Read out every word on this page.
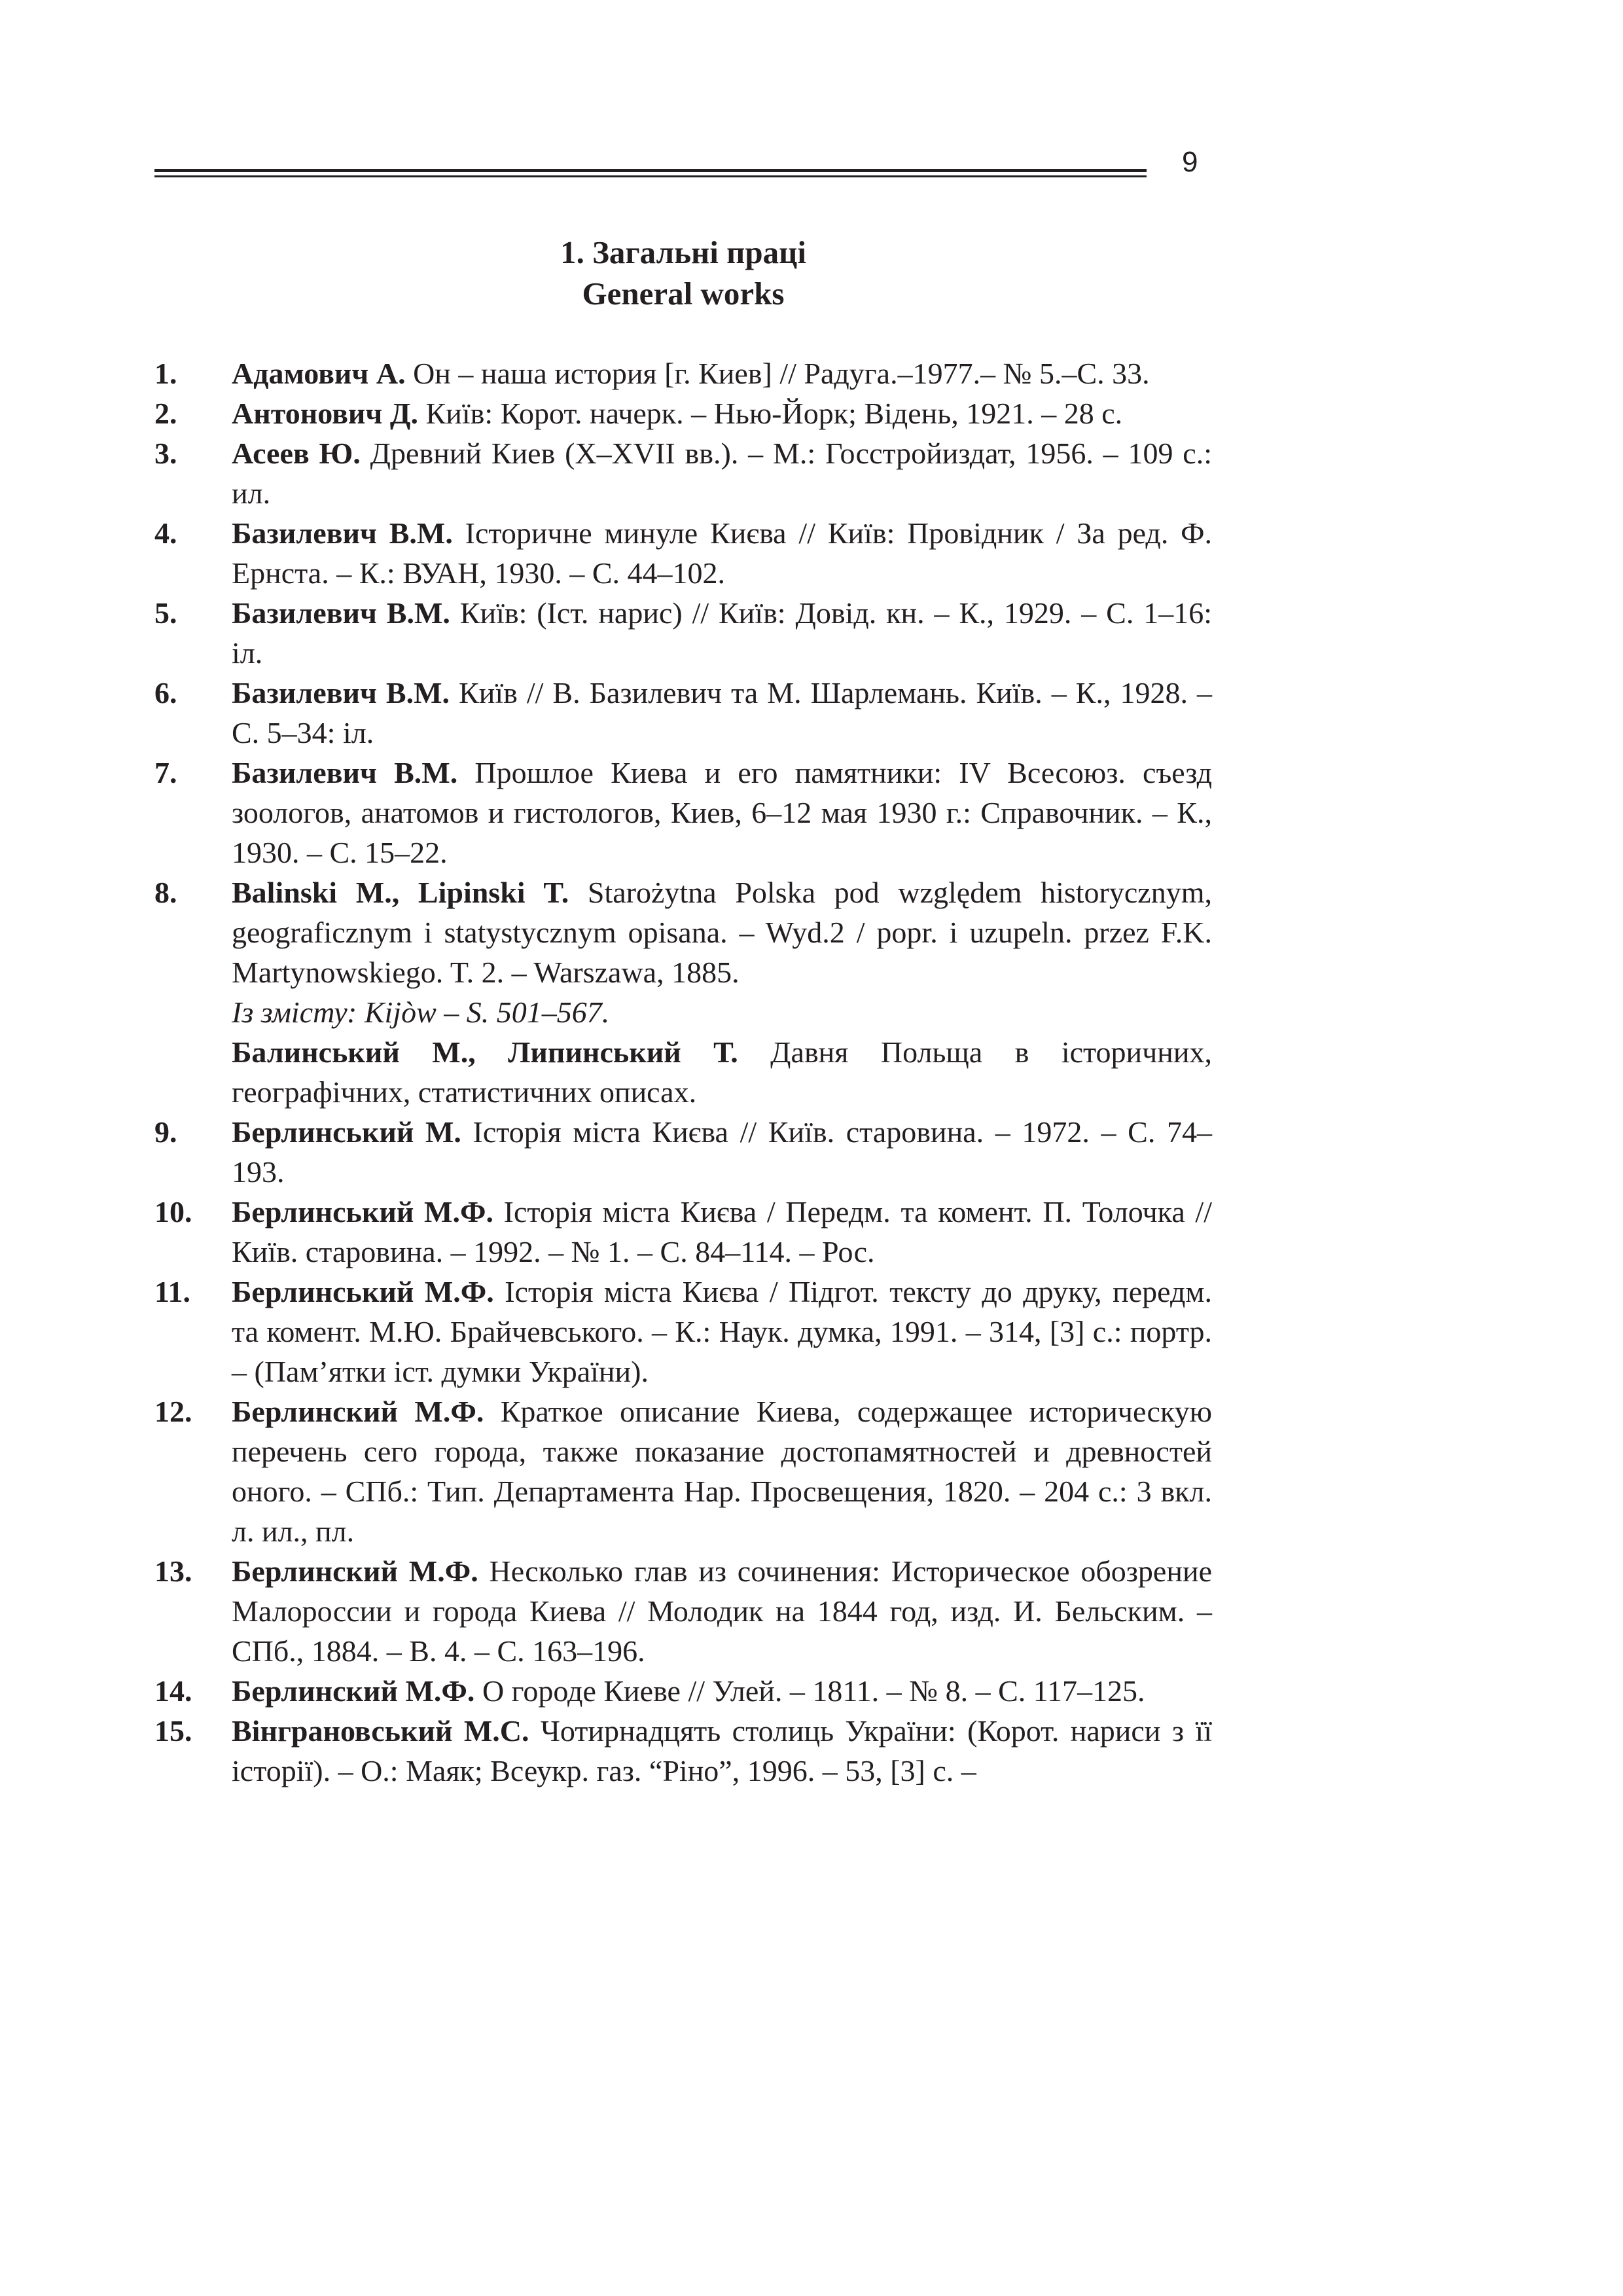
9
1. Загальні праці
General works
1. Адамович А. Он – наша история [г. Киев] // Радуга.–1977.– № 5.–С. 33.
2. Антонович Д. Київ: Корот. начерк. – Нью-Йорк; Відень, 1921. – 28 с.
3. Асеев Ю. Древний Киев (X–XVII вв.). – М.: Госстройиздат, 1956. – 109 с.: ил.
4. Базилевич В.М. Історичне минуле Києва // Київ: Провідник / За ред. Ф. Ернста. – К.: ВУАН, 1930. – С. 44–102.
5. Базилевич В.М. Київ: (Іст. нарис) // Київ: Довід. кн. – К., 1929. – С. 1–16: іл.
6. Базилевич В.М. Київ // В. Базилевич та М. Шарлемань. Київ. – К., 1928. – С. 5–34: іл.
7. Базилевич В.М. Прошлое Киева и его памятники: IV Всесоюз. съезд зоологов, анатомов и гистологов, Киев, 6–12 мая 1930 г.: Справочник. – К., 1930. – С. 15–22.
8. Balinski M., Lipinski T. Starożytna Polska pod względem historycznym, geograficznym i statystycznym opisana. – Wyd.2 / popr. i uzupeln. przez F.K. Martynowskiego. T. 2. – Warszawa, 1885.
Із змісту: Kijòw – S. 501–567.
Балинський М., Липинський Т. Давня Польща в історичних, географічних, статистичних описах.
9. Берлинський М. Історія міста Києва // Київ. старовина. – 1972. – С. 74–193.
10. Берлинський М.Ф. Історія міста Києва / Передм. та комент. П. Толочка // Київ. старовина. – 1992. – № 1. – С. 84–114. – Рос.
11. Берлинський М.Ф. Історія міста Києва / Підгот. тексту до друку, передм. та комент. М.Ю. Брайчевського. – К.: Наук. думка, 1991. – 314, [3] с.: портр. – (Пам’ятки іст. думки України).
12. Берлинский М.Ф. Краткое описание Киева, содержащее историческую перечень сего города, также показание достопамятностей и древностей оного. – СПб.: Тип. Департамента Нар. Просвещения, 1820. – 204 с.: 3 вкл. л. ил., пл.
13. Берлинский М.Ф. Несколько глав из сочинения: Историческое обозрение Малороссии и города Киева // Молодик на 1844 год, изд. И. Бельским. – СПб., 1884. – В. 4. – С. 163–196.
14. Берлинский М.Ф. О городе Киеве // Улей. – 1811. – № 8. – С. 117–125.
15. Вінграновський М.С. Чотирнадцять столиць України: (Корот. нариси з її історії). – О.: Маяк; Всеукр. газ. “Ріно”, 1996. – 53, [3] с. –
